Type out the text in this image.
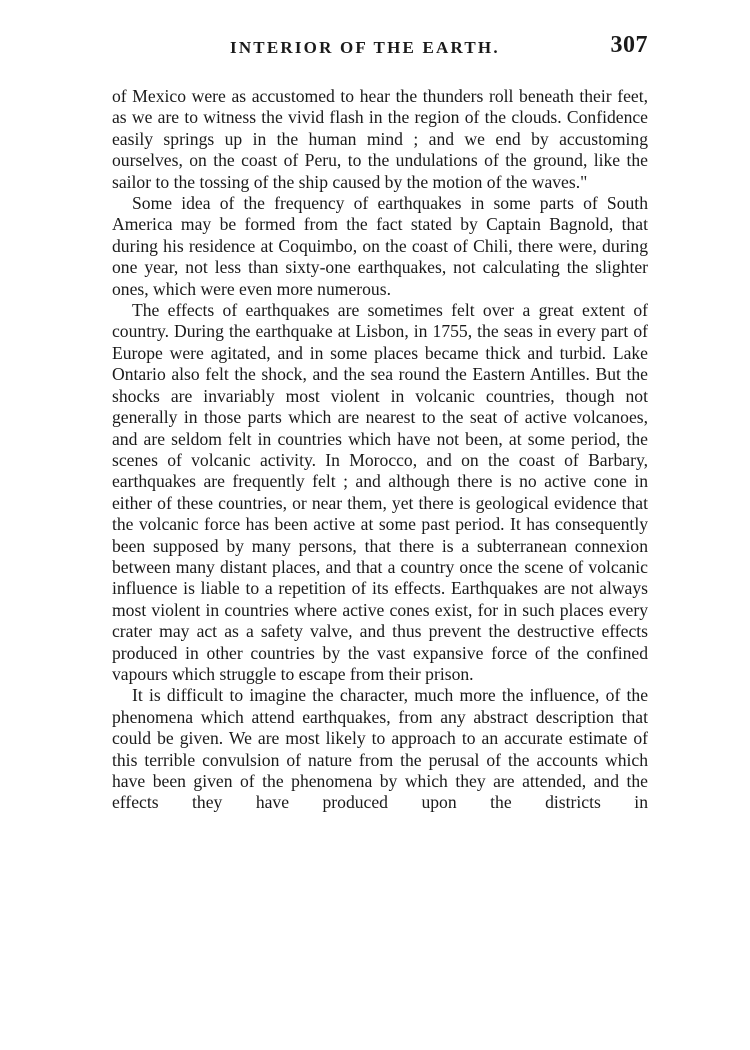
INTERIOR OF THE EARTH.	307

of Mexico were as accustomed to hear the thunders roll beneath their feet, as we are to witness the vivid flash in the region of the clouds. Confidence easily springs up in the human mind ; and we end by accustoming ourselves, on the coast of Peru, to the undulations of the ground, like the sailor to the tossing of the ship caused by the motion of the waves."

Some idea of the frequency of earthquakes in some parts of South America may be formed from the fact stated by Captain Bagnold, that during his residence at Coquimbo, on the coast of Chili, there were, during one year, not less than sixty-one earthquakes, not calculating the slighter ones, which were even more numerous.

The effects of earthquakes are sometimes felt over a great extent of country. During the earthquake at Lisbon, in 1755, the seas in every part of Europe were agitated, and in some places became thick and turbid. Lake Ontario also felt the shock, and the sea round the Eastern Antilles. But the shocks are invariably most violent in volcanic countries, though not generally in those parts which are nearest to the seat of active volcanoes, and are seldom felt in countries which have not been, at some period, the scenes of volcanic activity. In Morocco, and on the coast of Barbary, earthquakes are frequently felt ; and although there is no active cone in either of these countries, or near them, yet there is geological evidence that the volcanic force has been active at some past period. It has consequently been supposed by many persons, that there is a subterranean connexion between many distant places, and that a country once the scene of volcanic influence is liable to a repetition of its effects. Earthquakes are not always most violent in countries where active cones exist, for in such places every crater may act as a safety valve, and thus prevent the destructive effects produced in other countries by the vast expansive force of the confined vapours which struggle to escape from their prison.

It is difficult to imagine the character, much more the influence, of the phenomena which attend earthquakes, from any abstract description that could be given. We are most likely to approach to an accurate estimate of this terrible convulsion of nature from the perusal of the accounts which have been given of the phenomena by which they are attended, and the effects they have produced upon the districts in
